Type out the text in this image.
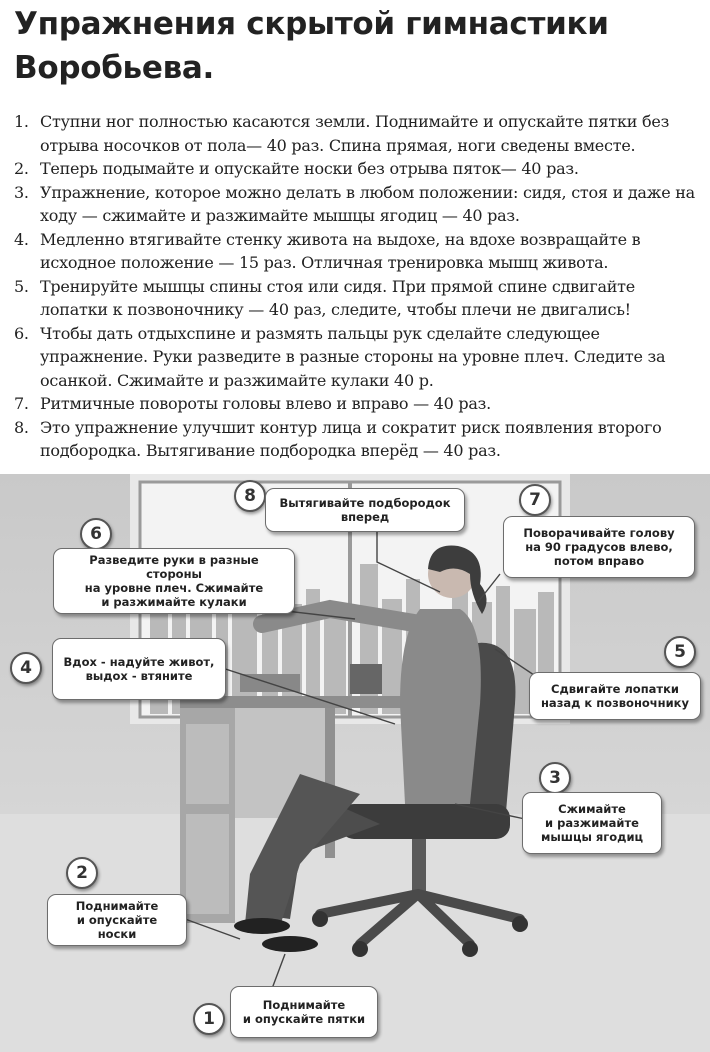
Упражнения скрытой гимнастики Воробьева.
1. Ступни ног полностью касаются земли. Поднимайте и опускайте пятки без отрыва носочков от пола— 40 раз. Спина прямая, ноги сведены вместе.
2. Теперь подымайте и опускайте носки без отрыва пяток— 40 раз.
3. Упражнение, которое можно делать в любом положении: сидя, стоя и даже на ходу — сжимайте и разжимайте мышцы ягодиц — 40 раз.
4. Медленно втягивайте стенку живота на выдохе, на вдохе возвращайте в исходное положение — 15 раз. Отличная тренировка мышц живота.
5. Тренируйте мышцы спины стоя или сидя. При прямой спине сдвигайте лопатки к позвоночнику — 40 раз, следите, чтобы плечи не двигались!
6. Чтобы дать отдыхспине и размять пальцы рук сделайте следующее упражнение. Руки разведите в разные стороны на уровне плеч. Следите за осанкой. Сжимайте и разжимайте кулаки 40 р.
7. Ритмичные повороты головы влево и вправо — 40 раз.
8. Это упражнение улучшит контур лица и сократит риск появления второго подбородка. Вытягивание подбородка вперёд — 40 раз.
8	7
6
4
5
3
2
1
Вытягивайте подбородок
вперед
Поворачивайте голову
на 90 градусов влево,
потом вправо
Разведите руки в разные стороны
на уровне плеч. Сжимайте
и разжимайте кулаки
Вдох - надуйте живот,
выдох - втяните
Сдвигайте лопатки
назад к позвоночнику
Сжимайте
и разжимайте
мышцы ягодиц
Поднимайте
и опускайте носки
Поднимайте
и опускайте пятки
